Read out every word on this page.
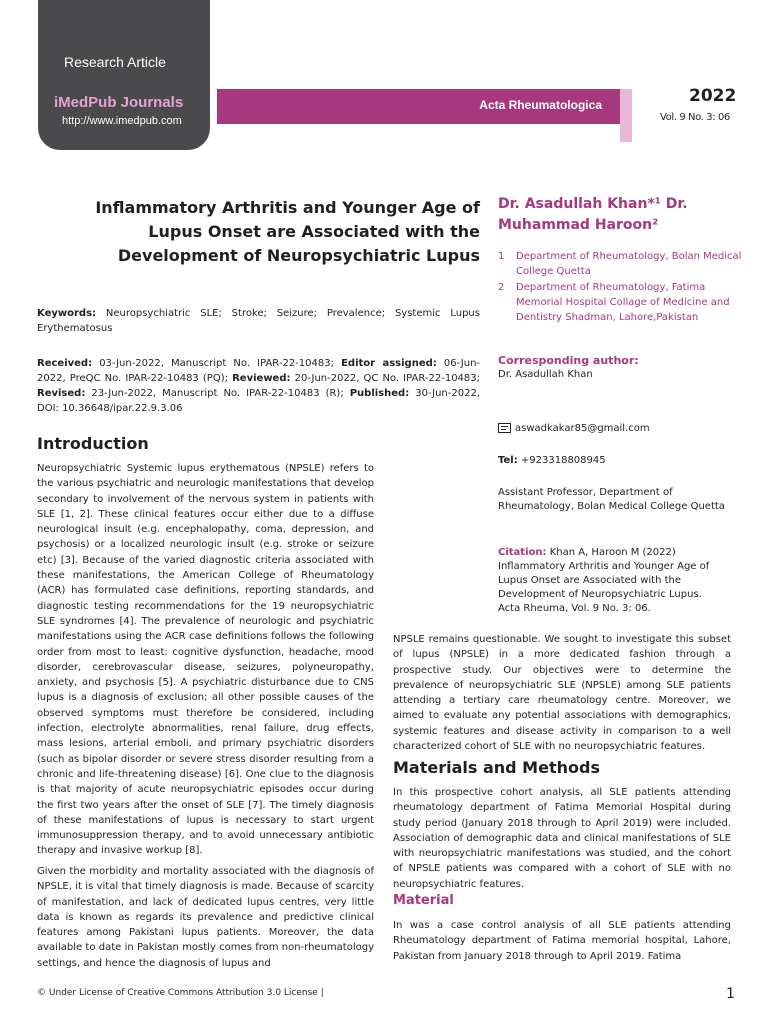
Research Article
iMedPub Journals
http://www.imedpub.com
Acta Rheumatologica	2022
Vol. 9 No. 3: 06
Inflammatory Arthritis and Younger Age of Lupus Onset are Associated with the Development of Neuropsychiatric Lupus
Dr. Asadullah Khan*¹ Dr. Muhammad Haroon²
1	Department of Rheumatology, Bolan Medical College Quetta
2	Department of Rheumatology, Fatima Memorial Hospital Collage of Medicine and Dentistry Shadman, Lahore,Pakistan
Corresponding author:
Dr. Asadullah Khan
aswadkakar85@gmail.com
Tel: +923318808945
Assistant Professor, Department of Rheumatology, Bolan Medical College Quetta
Citation: Khan A, Haroon M (2022) Inflammatory Arthritis and Younger Age of Lupus Onset are Associated with the Development of Neuropsychiatric Lupus. Acta Rheuma, Vol. 9 No. 3: 06.
Keywords: Neuropsychiatric SLE; Stroke; Seizure; Prevalence; Systemic Lupus Erythematosus
Received: 03-Jun-2022, Manuscript No. IPAR-22-10483; Editor assigned: 06-Jun-2022, PreQC No. IPAR-22-10483 (PQ); Reviewed: 20-Jun-2022, QC No. IPAR-22-10483; Revised: 23-Jun-2022, Manuscript No. IPAR-22-10483 (R); Published: 30-Jun-2022, DOI: 10.36648/ipar.22.9.3.06
Introduction

Neuropsychiatric Systemic lupus erythematous (NPSLE) refers to the various psychiatric and neurologic manifestations that develop secondary to involvement of the nervous system in patients with SLE [1, 2]. These clinical features occur either due to a diffuse neurological insult (e.g. encephalopathy, coma, depression, and psychosis) or a localized neurologic insult (e.g. stroke or seizure etc) [3]. Because of the varied diagnostic criteria associated with these manifestations, the American College of Rheumatology (ACR) has formulated case definitions, reporting standards, and diagnostic testing recommendations for the 19 neuropsychiatric SLE syndromes [4]. The prevalence of neurologic and psychiatric manifestations using the ACR case definitions follows the following order from most to least: cognitive dysfunction, headache, mood disorder, cerebrovascular disease, seizures, polyneuropathy, anxiety, and psychosis [5]. A psychiatric disturbance due to CNS lupus is a diagnosis of exclusion; all other possible causes of the observed symptoms must therefore be considered, including infection, electrolyte abnormalities, renal failure, drug effects, mass lesions, arterial emboli, and primary psychiatric disorders (such as bipolar disorder or severe stress disorder resulting from a chronic and life-threatening disease) [6]. One clue to the diagnosis is that majority of acute neuropsychiatric episodes occur during the first two years after the onset of SLE [7]. The timely diagnosis of these manifestations of lupus is necessary to start urgent immunosuppression therapy, and to avoid unnecessary antibiotic therapy and invasive workup [8].

Given the morbidity and mortality associated with the diagnosis of NPSLE, it is vital that timely diagnosis is made. Because of scarcity of manifestation, and lack of dedicated lupus centres, very little data is known as regards its prevalence and predictive clinical features among Pakistani lupus patients. Moreover, the data available to date in Pakistan mostly comes from non-rheumatology settings, and hence the diagnosis of lupus and

NPSLE remains questionable. We sought to investigate this subset of lupus (NPSLE) in a more dedicated fashion through a prospective study. Our objectives were to determine the prevalence of neuropsychiatric SLE (NPSLE) among SLE patients attending a tertiary care rheumatology centre. Moreover, we aimed to evaluate any potential associations with demographics, systemic features and disease activity in comparison to a well characterized cohort of SLE with no neuropsychiatric features.

Materials and Methods

In this prospective cohort analysis, all SLE patients attending rheumatology department of Fatima Memorial Hospital during study period (January 2018 through to April 2019) were included. Association of demographic data and clinical manifestations of SLE with neuropsychiatric manifestations was studied, and the cohort of NPSLE patients was compared with a cohort of SLE with no neuropsychiatric features.

Material

In was a case control analysis of all SLE patients attending Rheumatology department of Fatima memorial hospital, Lahore, Pakistan from January 2018 through to April 2019. Fatima

© Under License of Creative Commons Attribution 3.0 License |	1
